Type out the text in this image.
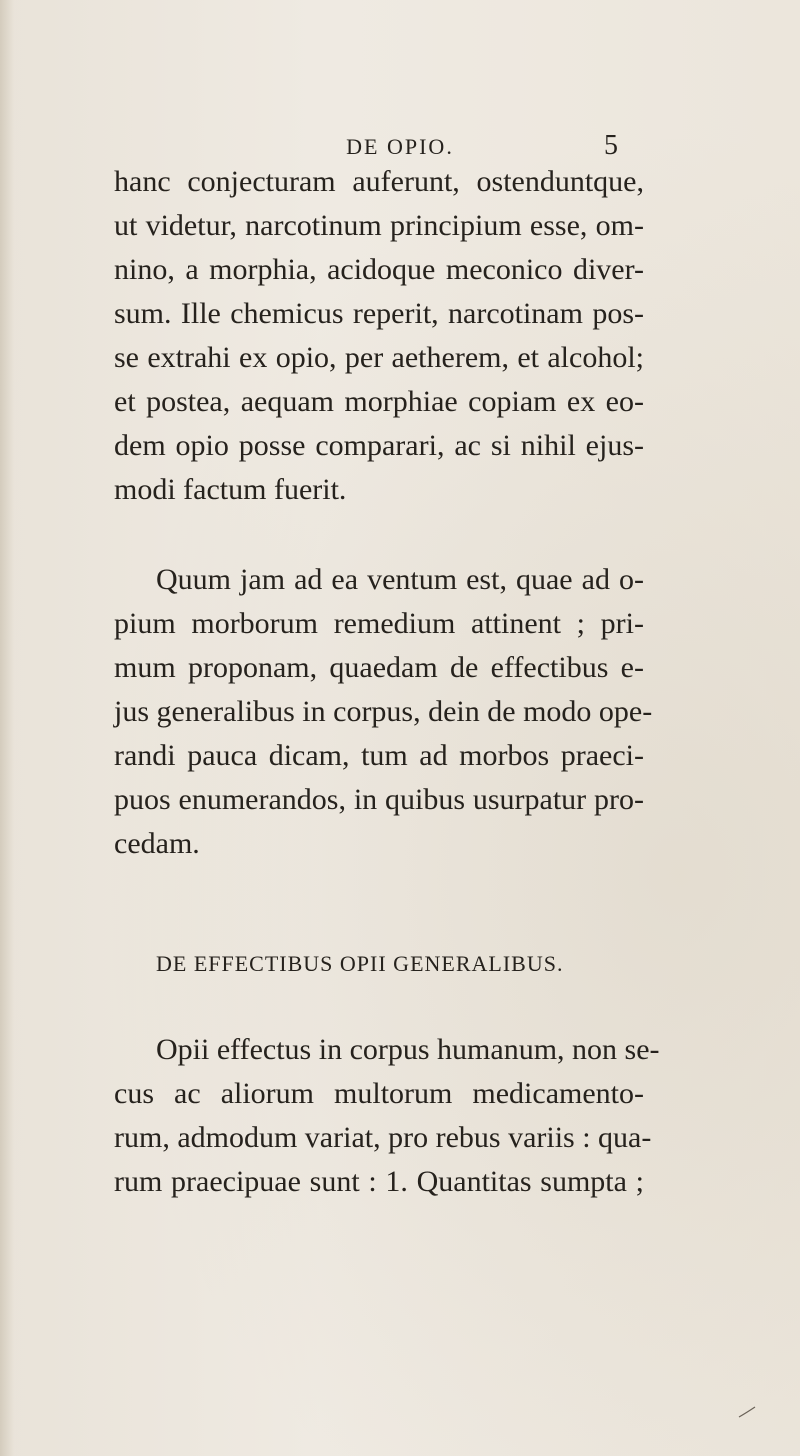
DE OPIO.	5
hanc conjecturam auferunt, ostenduntque,
ut videtur, narcotinum principium esse, om-
nino, a morphia, acidoque meconico diver-
sum. Ille chemicus reperit, narcotinam pos-
se extrahi ex opio, per aetherem, et alcohol;
et postea, aequam morphiae copiam ex eo-
dem opio posse comparari, ac si nihil ejus-
modi factum fuerit.
Quum jam ad ea ventum est, quae ad o-
pium morborum remedium attinent ; pri-
mum proponam, quaedam de effectibus e-
jus generalibus in corpus, dein de modo ope-
randi pauca dicam, tum ad morbos praeci-
puos enumerandos, in quibus usurpatur pro-
cedam.
DE EFFECTIBUS OPII GENERALIBUS.
Opii effectus in corpus humanum, non se-
cus ac aliorum multorum medicamento-
rum, admodum variat, pro rebus variis : qua-
rum praecipuae sunt : 1. Quantitas sumpta ;
